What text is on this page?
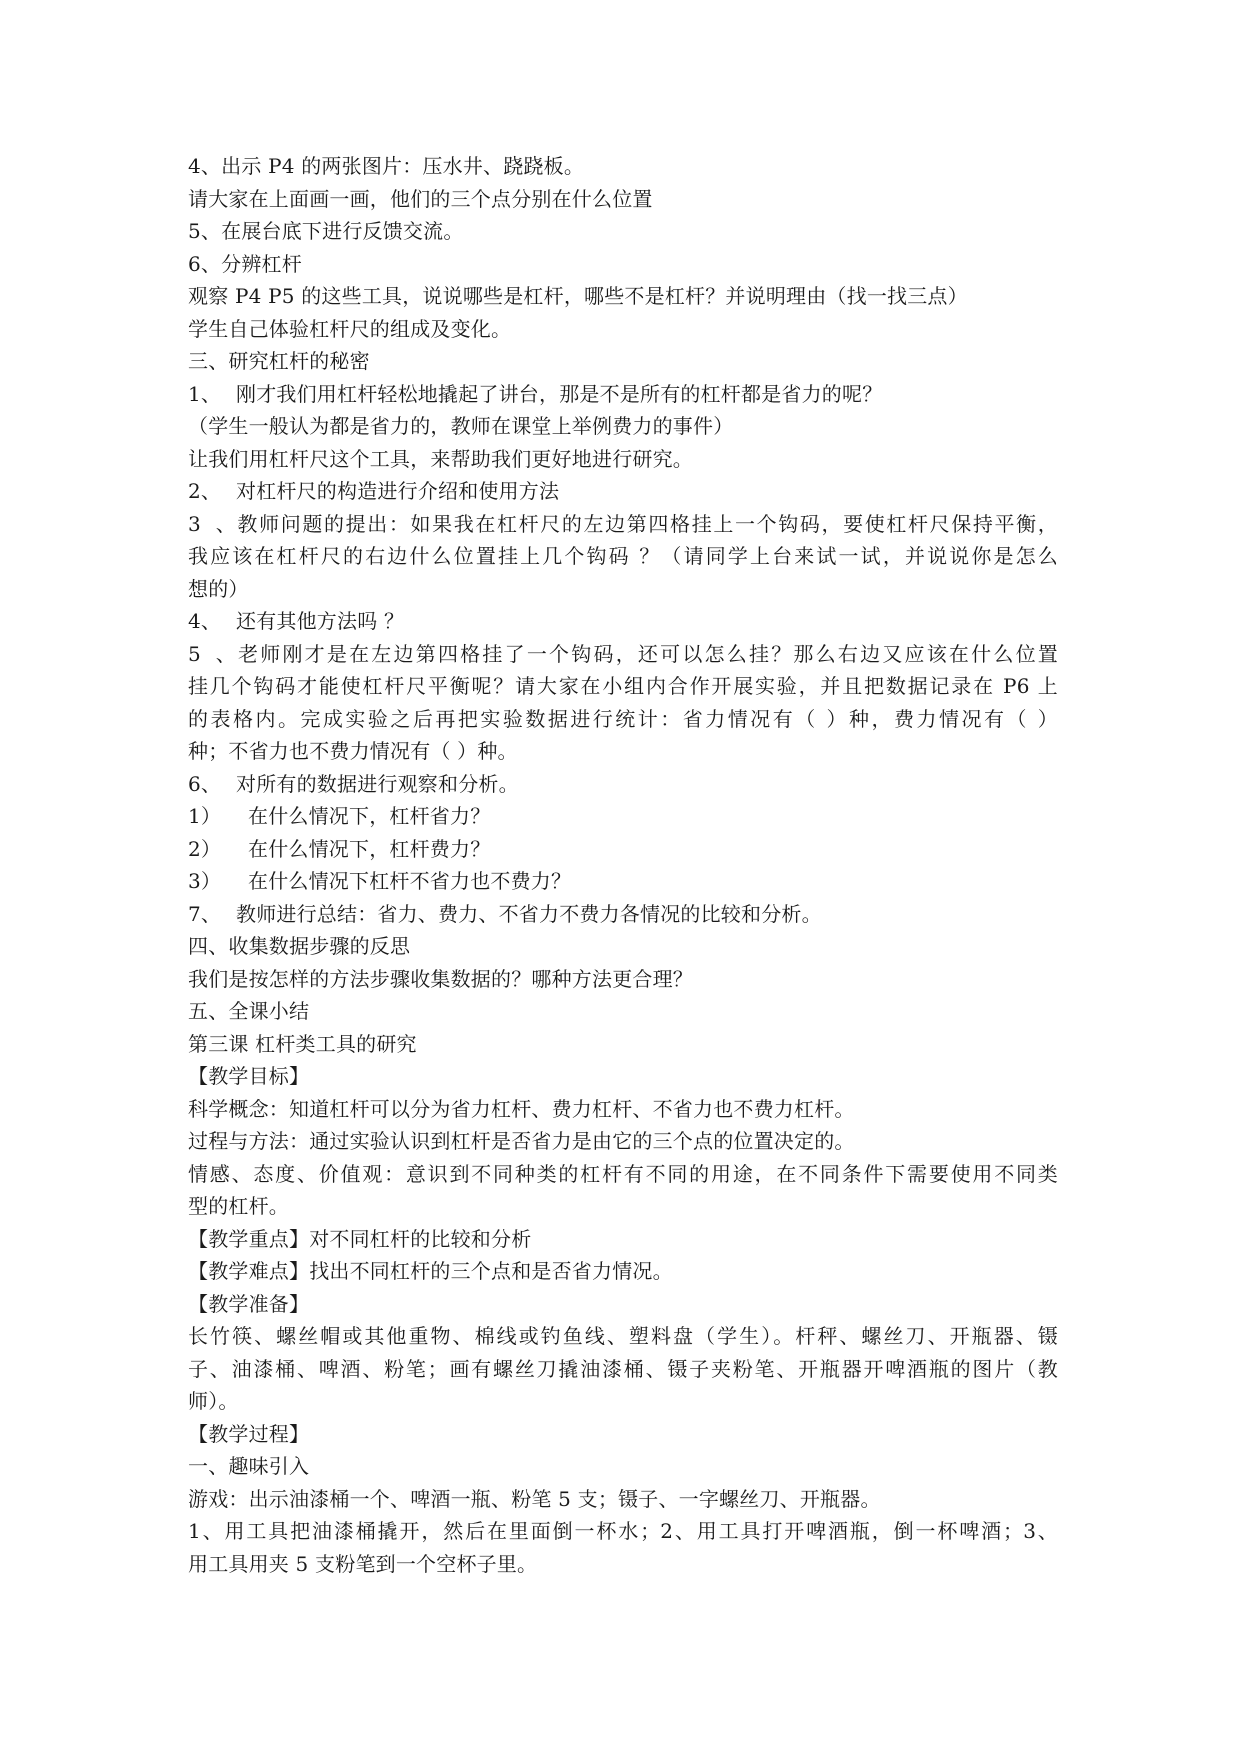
4、出示 P4 的两张图片：压水井、跷跷板。
请大家在上面画一画，他们的三个点分别在什么位置
5、在展台底下进行反馈交流。
6、分辨杠杆
观察 P4 P5 的这些工具，说说哪些是杠杆，哪些不是杠杆？并说明理由（找一找三点）
学生自己体验杠杆尺的组成及变化。
三、研究杠杆的秘密
1、 刚才我们用杠杆轻松地撬起了讲台，那是不是所有的杠杆都是省力的呢？
（学生一般认为都是省力的，教师在课堂上举例费力的事件）
让我们用杠杆尺这个工具，来帮助我们更好地进行研究。
2、 对杠杆尺的构造进行介绍和使用方法
3、教师问题的提出：如果我在杠杆尺的左边第四格挂上一个钩码，要使杠杆尺保持平衡，
我应该在杠杆尺的右边什么位置挂上几个钩码 ？（请同学上台来试一试，并说说你是怎么
想的）
4、 还有其他方法吗 ？
5、老师刚才是在左边第四格挂了一个钩码，还可以怎么挂？那么右边又应该在什么位置
挂几个钩码才能使杠杆尺平衡呢？请大家在小组内合作开展实验，并且把数据记录在 P6 上
的表格内。完成实验之后再把实验数据进行统计：省力情况有（ ）种，费力情况有（ ）
种；不省力也不费力情况有（ ）种。
6、 对所有的数据进行观察和分析。
1） 在什么情况下，杠杆省力？
2） 在什么情况下，杠杆费力？
3） 在什么情况下杠杆不省力也不费力？
7、 教师进行总结：省力、费力、不省力不费力各情况的比较和分析。
四、收集数据步骤的反思
我们是按怎样的方法步骤收集数据的？哪种方法更合理？
五、全课小结
第三课 杠杆类工具的研究
【教学目标】
科学概念：知道杠杆可以分为省力杠杆、费力杠杆、不省力也不费力杠杆。
过程与方法：通过实验认识到杠杆是否省力是由它的三个点的位置决定的。
情感、态度、价值观：意识到不同种类的杠杆有不同的用途，在不同条件下需要使用不同类
型的杠杆。
【教学重点】对不同杠杆的比较和分析
【教学难点】找出不同杠杆的三个点和是否省力情况。
【教学准备】
长竹筷、螺丝帽或其他重物、棉线或钓鱼线、塑料盘（学生）。杆秤、螺丝刀、开瓶器、镊
子、油漆桶、啤酒、粉笔；画有螺丝刀撬油漆桶、镊子夹粉笔、开瓶器开啤酒瓶的图片（教
师）。
【教学过程】
一、趣味引入
游戏：出示油漆桶一个、啤酒一瓶、粉笔 5 支；镊子、一字螺丝刀、开瓶器。
1、用工具把油漆桶撬开，然后在里面倒一杯水；2、用工具打开啤酒瓶，倒一杯啤酒；3、
用工具用夹 5 支粉笔到一个空杯子里。
